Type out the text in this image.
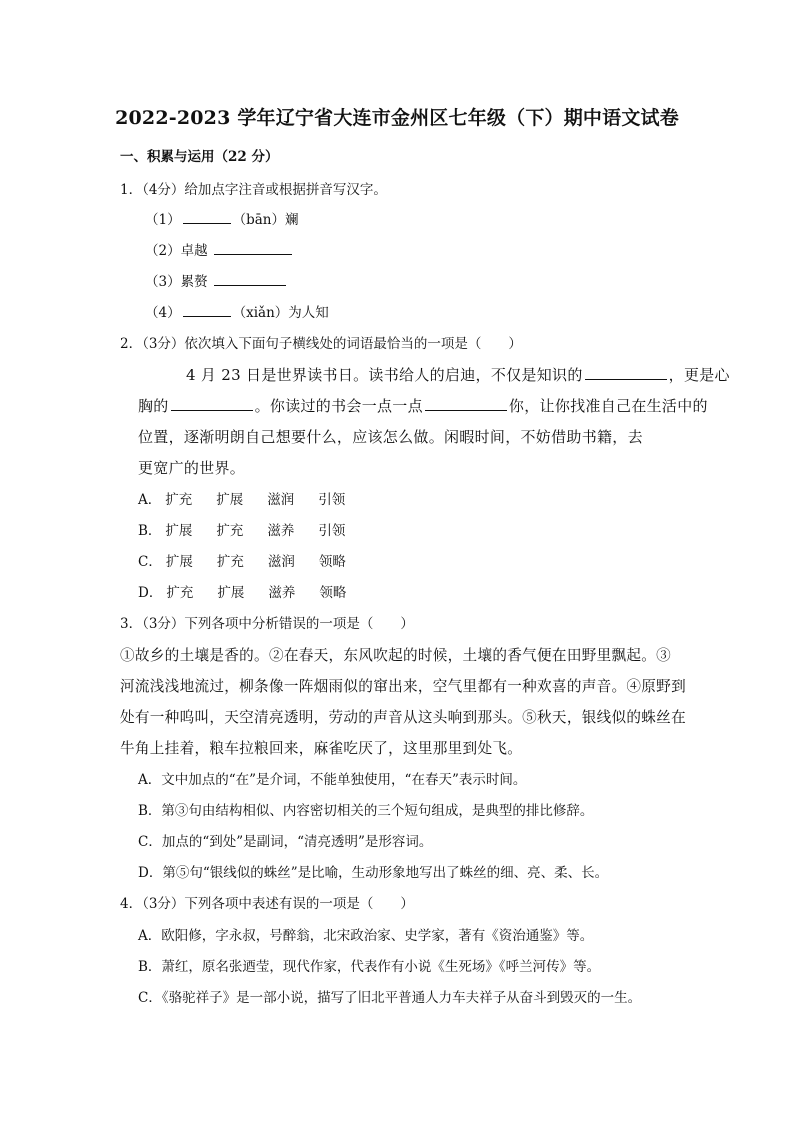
2022-2023 学年辽宁省大连市金州区七年级（下）期中语文试卷
一、积累与运用（22 分）
1．（4分）给加点字注音或根据拼音写汉字。
（1）	（bān）斓
（2）卓越
（3）累赘
（4）	（xiǎn）为人知
2．（3分）依次填入下面句子横线处的词语最恰当的一项是（　　）
4 月 23 日是世界读书日。读书给人的启迪，不仅是知识的	，更是心
胸的	。你读过的书会一点一点	你，让你找准自己在生活中的
位置，逐渐明朗自己想要什么，应该怎么做。闲暇时间，不妨借助书籍，去
更宽广的世界。
A． 扩充 扩展 滋润 引领
B． 扩展 扩充 滋养 引领
C． 扩展 扩充 滋润 领略
D． 扩充 扩展 滋养 领略
3．（3分）下列各项中分析错误的一项是（　　）
①故乡的土壤是香的。②在春天，东风吹起的时候，土壤的香气便在田野里飘起。③
河流浅浅地流过，柳条像一阵烟雨似的窜出来，空气里都有一种欢喜的声音。④原野到
处有一种呜叫，天空清亮透明，劳动的声音从这头响到那头。⑤秋天，银线似的蛛丝在
牛角上挂着，粮车拉粮回来，麻雀吃厌了，这里那里到处飞。
A．文中加点的“在”是介词，不能单独使用，“在春天”表示时间。
B．第③句由结构相似、内容密切相关的三个短句组成，是典型的排比修辞。
C．加点的“到处”是副词，“清亮透明”是形容词。
D．第⑤句“银线似的蛛丝”是比喻，生动形象地写出了蛛丝的细、亮、柔、长。
4．（3分）下列各项中表述有误的一项是（　　）
A．欧阳修，字永叔，号醉翁，北宋政治家、史学家，著有《资治通鉴》等。
B．萧红，原名张迺莹，现代作家，代表作有小说《生死场》《呼兰河传》等。
C．《骆驼祥子》是一部小说，描写了旧北平普通人力车夫祥子从奋斗到毁灭的一生。
